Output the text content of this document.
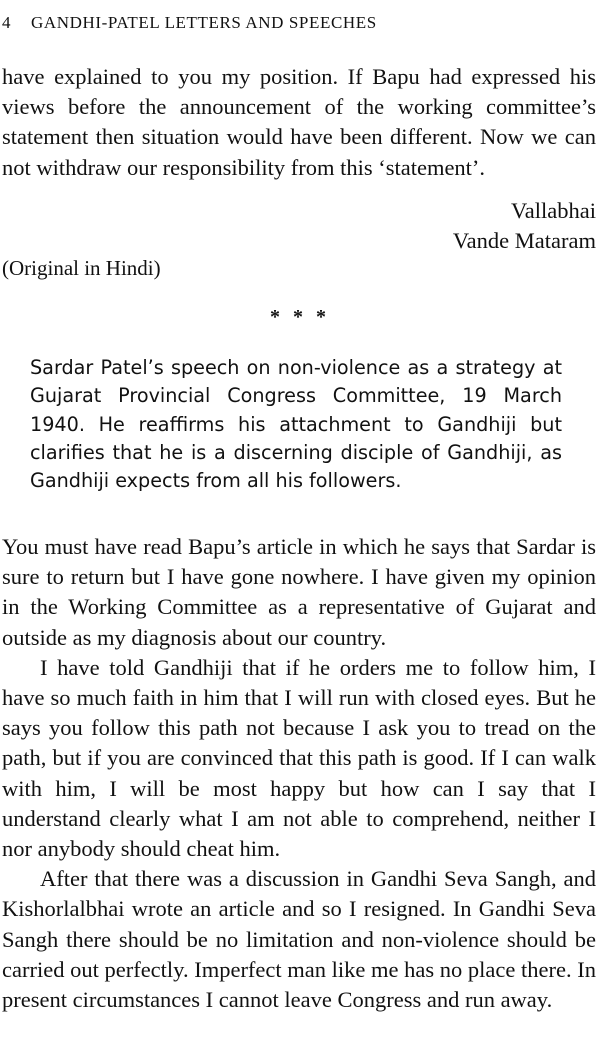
4 GANDHI-PATEL LETTERS AND SPEECHES
have explained to you my position. If Bapu had expressed his views before the announcement of the working committee’s statement then situation would have been different. Now we can not withdraw our responsibility from this ‘statement’.
Vallabhai
Vande Mataram
(Original in Hindi)
* * *
Sardar Patel’s speech on non-violence as a strategy at Gujarat Provincial Congress Committee, 19 March 1940. He reaffirms his attachment to Gandhiji but clarifies that he is a discerning disciple of Gandhiji, as Gandhiji expects from all his followers.

You must have read Bapu’s article in which he says that Sardar is sure to return but I have gone nowhere. I have given my opinion in the Working Committee as a representative of Gujarat and outside as my diagnosis about our country.

I have told Gandhiji that if he orders me to follow him, I have so much faith in him that I will run with closed eyes. But he says you follow this path not because I ask you to tread on the path, but if you are convinced that this path is good. If I can walk with him, I will be most happy but how can I say that I understand clearly what I am not able to comprehend, neither I nor anybody should cheat him.

After that there was a discussion in Gandhi Seva Sangh, and Kishorlalbhai wrote an article and so I resigned. In Gandhi Seva Sangh there should be no limitation and non-violence should be carried out perfectly. Imperfect man like me has no place there. In present circumstances I cannot leave Congress and run away.
